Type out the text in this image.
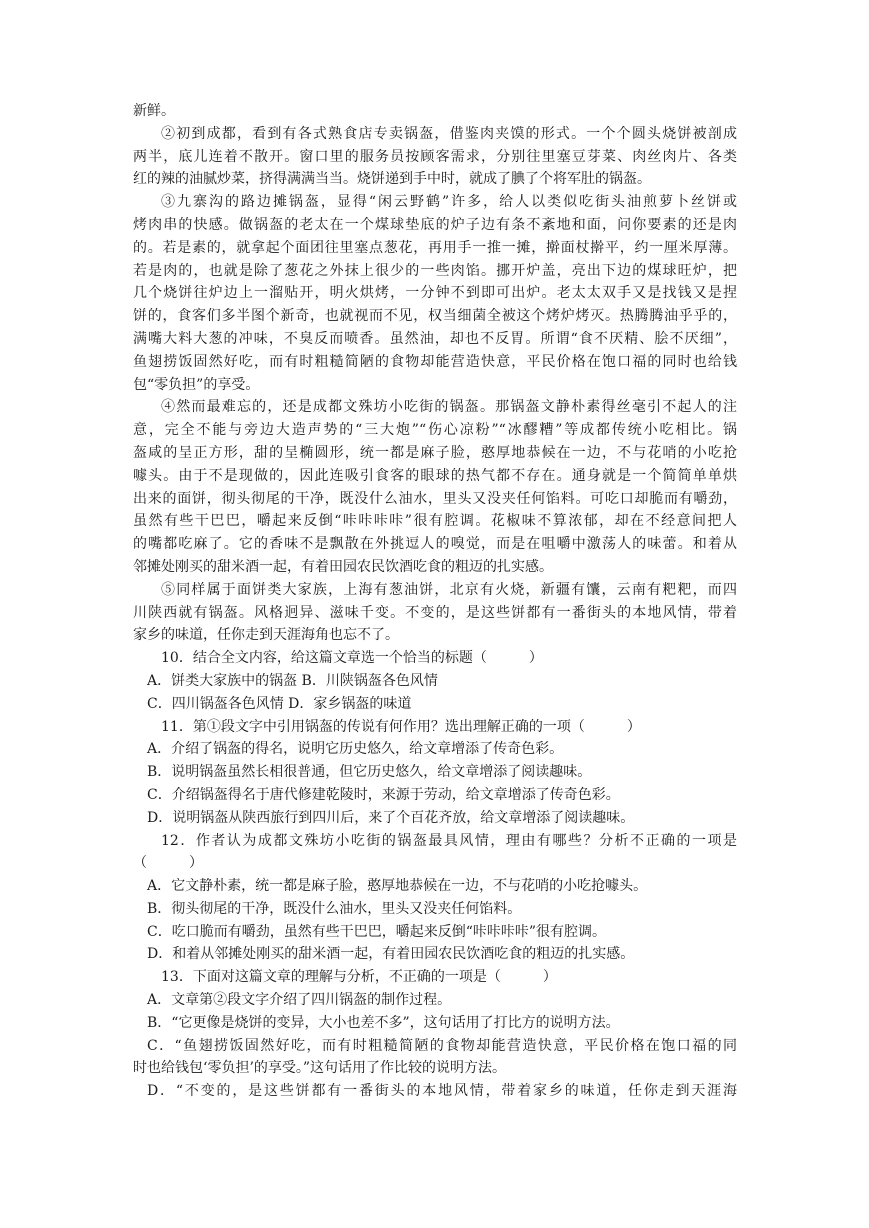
新鲜。
②初到成都，看到有各式熟食店专卖锅盔，借鉴肉夹馍的形式。一个个圆头烧饼被剖成
两半，底儿连着不散开。窗口里的服务员按顾客需求，分别往里塞豆芽菜、肉丝肉片、各类
红的辣的油腻炒菜，挤得满满当当。烧饼递到手中时，就成了腆了个将军肚的锅盔。
③九寨沟的路边摊锅盔，显得“闲云野鹤”许多，给人以类似吃街头油煎萝卜丝饼或
烤肉串的快感。做锅盔的老太在一个煤球垫底的炉子边有条不紊地和面，问你要素的还是肉
的。若是素的，就拿起个面团往里塞点葱花，再用手一推一摊，擀面杖擀平，约一厘米厚薄。
若是肉的，也就是除了葱花之外抹上很少的一些肉馅。挪开炉盖，亮出下边的煤球旺炉，把
几个烧饼往炉边上一溜贴开，明火烘烤，一分钟不到即可出炉。老太太双手又是找钱又是捏
饼的，食客们多半图个新奇，也就视而不见，权当细菌全被这个烤炉烤灭。热腾腾油乎乎的，
满嘴大料大葱的冲味，不臭反而喷香。虽然油，却也不反胃。所谓“食不厌精、脍不厌细”，
鱼翅捞饭固然好吃，而有时粗糙简陋的食物却能营造快意，平民价格在饱口福的同时也给钱
包“零负担”的享受。
④然而最难忘的，还是成都文殊坊小吃街的锅盔。那锅盔文静朴素得丝毫引不起人的注
意，完全不能与旁边大造声势的“三大炮”“伤心凉粉”“冰醪糟”等成都传统小吃相比。锅
盔咸的呈正方形，甜的呈椭圆形，统一都是麻子脸，憨厚地恭候在一边，不与花哨的小吃抢
噱头。由于不是现做的，因此连吸引食客的眼球的热气都不存在。通身就是一个简简单单烘
出来的面饼，彻头彻尾的干净，既没什么油水，里头又没夹任何馅料。可吃口却脆而有嚼劲，
虽然有些干巴巴，嚼起来反倒“咔咔咔咔”很有腔调。花椒味不算浓郁，却在不经意间把人
的嘴都吃麻了。它的香味不是飘散在外挑逗人的嗅觉，而是在咀嚼中激荡人的味蕾。和着从
邻摊处刚买的甜米酒一起，有着田园农民饮酒吃食的粗迈的扎实感。
⑤同样属于面饼类大家族，上海有葱油饼，北京有火烧，新疆有馕，云南有粑粑，而四
川陕西就有锅盔。风格迥异、滋味千变。不变的，是这些饼都有一番街头的本地风情，带着
家乡的味道，任你走到天涯海角也忘不了。
10．结合全文内容，给这篇文章选一个恰当的标题（　　　）
A．饼类大家族中的锅盔 B．川陕锅盔各色风情
C．四川锅盔各色风情 D．家乡锅盔的味道
11．第①段文字中引用锅盔的传说有何作用？选出理解正确的一项（　　　）
A．介绍了锅盔的得名，说明它历史悠久，给文章增添了传奇色彩。
B．说明锅盔虽然长相很普通，但它历史悠久，给文章增添了阅读趣味。
C．介绍锅盔得名于唐代修建乾陵时，来源于劳动，给文章增添了传奇色彩。
D．说明锅盔从陕西旅行到四川后，来了个百花齐放，给文章增添了阅读趣味。
12．作者认为成都文殊坊小吃街的锅盔最具风情，理由有哪些？分析不正确的一项是
（　　　）
A．它文静朴素，统一都是麻子脸，憨厚地恭候在一边，不与花哨的小吃抢噱头。
B．彻头彻尾的干净，既没什么油水，里头又没夹任何馅料。
C．吃口脆而有嚼劲，虽然有些干巴巴，嚼起来反倒“咔咔咔咔”很有腔调。
D．和着从邻摊处刚买的甜米酒一起，有着田园农民饮酒吃食的粗迈的扎实感。
13．下面对这篇文章的理解与分析，不正确的一项是（　　　）
A．文章第②段文字介绍了四川锅盔的制作过程。
B．“它更像是烧饼的变异，大小也差不多”，这句话用了打比方的说明方法。
C．“鱼翅捞饭固然好吃，而有时粗糙简陋的食物却能营造快意，平民价格在饱口福的同
时也给钱包‘零负担’的享受。”这句话用了作比较的说明方法。
D．“不变的，是这些饼都有一番街头的本地风情，带着家乡的味道，任你走到天涯海
